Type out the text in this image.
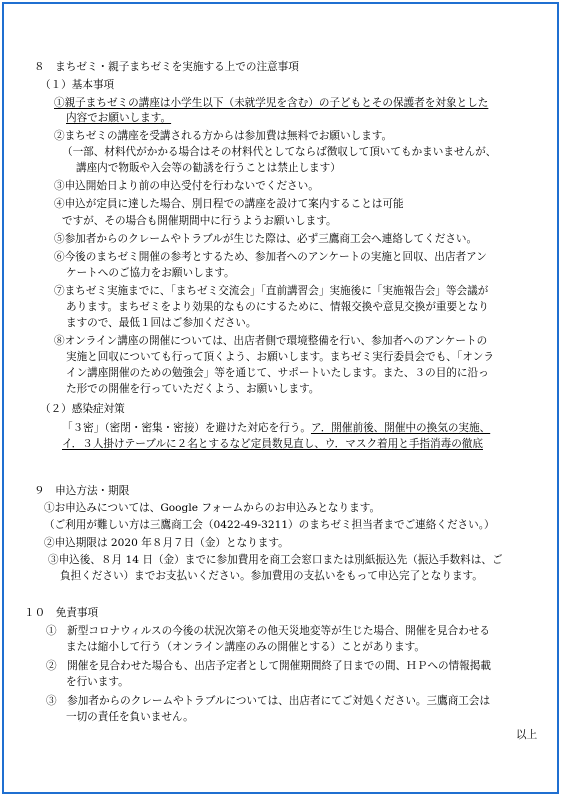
８　まちゼミ・親子まちゼミを実施する上での注意事項
（１）基本事項
①親子まちゼミの講座は小学生以下（未就学児を含む）の子どもとその保護者を対象とした
内容でお願いします。
②まちゼミの講座を受講される方からは参加費は無料でお願いします。
（一部、材料代がかかる場合はその材料代としてならば徴収して頂いてもかまいませんが、
講座内で物販や入会等の勧誘を行うことは禁止します）
③申込開始日より前の申込受付を行わないでください。
④申込が定員に達した場合、別日程での講座を設けて案内することは可能
ですが、その場合も開催期間中に行うようお願いします。
⑤参加者からのクレームやトラブルが生じた際は、必ず三鷹商工会へ連絡してください。
⑥今後のまちゼミ開催の参考とするため、参加者へのアンケートの実施と回収、出店者アン
ケートへのご協力をお願いします。
⑦まちゼミ実施までに、「まちゼミ交流会」「直前講習会」実施後に「実施報告会」等会議が
あります。まちゼミをより効果的なものにするために、情報交換や意見交換が重要となり
ますので、最低１回はご参加ください。
⑧オンライン講座の開催については、出店者側で環境整備を行い、参加者へのアンケートの
実施と回収についても行って頂くよう、お願いします。まちゼミ実行委員会でも、「オンラ
イン講座開催のための勉強会」等を通じて、サポートいたします。また、３の目的に沿っ
た形での開催を行っていただくよう、お願いします。
（２）感染症対策
「３密」（密閉・密集・密接）を避けた対応を行う。ア．開催前後、開催中の換気の実施、
イ．３人掛けテーブルに２名とするなど定員数見直し、ウ．マスク着用と手指消毒の徹底
９　申込方法・期限
①お申込みについては、Google フォームからのお申込みとなります。
（ご利用が難しい方は三鷹商工会（0422-49-3211）のまちゼミ担当者までご連絡ください。）
②申込期限は 2020 年８月７日（金）となります。
③申込後、８月 14 日（金）までに参加費用を商工会窓口または別紙振込先（振込手数料は、ご
負担ください）までお支払いください。参加費用の支払いをもって申込完了となります。
１０　免責事項
①　新型コロナウィルスの今後の状況次第その他天災地変等が生じた場合、開催を見合わせる
または縮小して行う（オンライン講座のみの開催とする）ことがあります。
②　開催を見合わせた場合も、出店予定者として開催期間終了日までの間、ＨＰへの情報掲載
を行います。
③　参加者からのクレームやトラブルについては、出店者にてご対処ください。三鷹商工会は
一切の責任を負いません。
以上
